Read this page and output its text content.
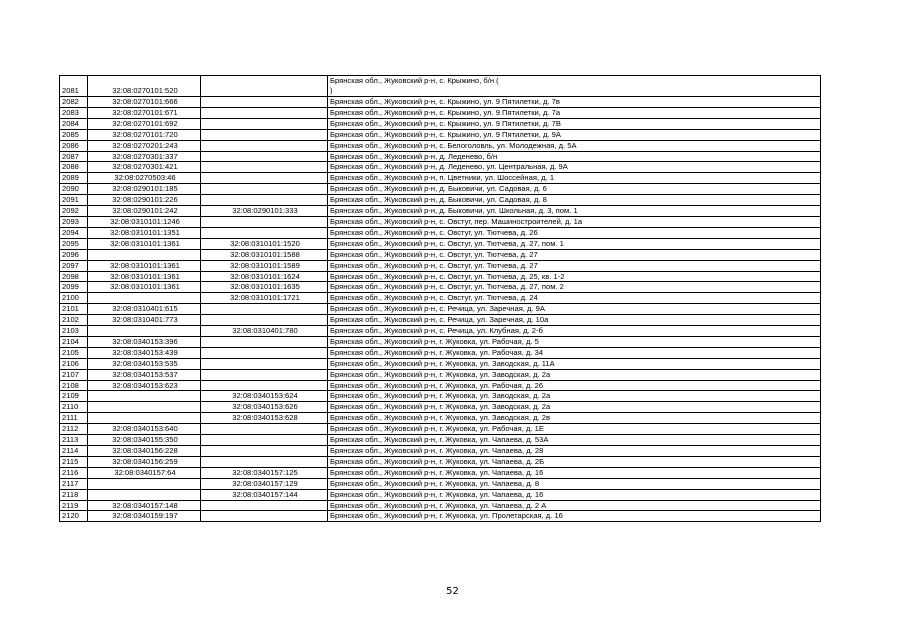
2081	32:08:0270101:520		Брянская обл., Жуковский р-н, с. Крыжино, б/н (
)
2082	32:08:0270101:666		Брянская обл., Жуковский р-н, с. Крыжино, ул. 9 Пятилетки, д. 7в
2083	32:08:0270101:671		Брянская обл., Жуковский р-н, с. Крыжино, ул. 9 Пятилетки, д. 7а
2084	32:08:0270101:692		Брянская обл., Жуковский р-н, с. Крыжино, ул. 9 Пятилетки, д. 7В
2085	32:08:0270101:720		Брянская обл., Жуковский р-н, с. Крыжино, ул. 9 Пятилетки, д. 9А
2086	32:08:0270201:243		Брянская обл., Жуковский р-н, с. Белоголовль, ул. Молодежная, д. 5А
2087	32:08:0270301:337		Брянская обл., Жуковский р-н, д. Леденево, б/н
2088	32:08:0270301:421		Брянская обл., Жуковский р-н, д. Леденево, ул. Центральная, д. 9А
2089	32:08:0270503:46		Брянская обл., Жуковский р-н, п. Цветники, ул. Шоссейная, д. 1
2090	32:08:0290101:185		Брянская обл., Жуковский р-н, д. Быковичи, ул. Садовая, д. 6
2091	32:08:0290101:226		Брянская обл., Жуковский р-н, д. Быковичи, ул. Садовая, д. 8
2092	32:08:0290101:242	32:08:0290101:333	Брянская обл., Жуковский р-н, д. Быковичи, ул. Школьная, д. 3, пом. 1
2093	32:08:0310101:1246		Брянская обл., Жуковский р-н, с. Овстуг, пер. Машиностроителей, д. 1а
2094	32:08:0310101:1351		Брянская обл., Жуковский р-н, с. Овстуг, ул. Тютчева, д. 26
2095	32:08:0310101:1361	32:08:0310101:1520	Брянская обл., Жуковский р-н, с. Овстуг, ул. Тютчева, д. 27, пом. 1
2096		32:08:0310101:1588	Брянская обл., Жуковский р-н, с. Овстуг, ул. Тютчева, д. 27
2097	32:08:0310101:1361	32:08:0310101:1589	Брянская обл., Жуковский р-н, с. Овстуг, ул. Тютчева, д. 27
2098	32:08:0310101:1361	32:08:0310101:1624	Брянская обл., Жуковский р-н, с. Овстуг, ул. Тютчева, д. 25, кв. 1-2
2099	32:08:0310101:1361	32:08:0310101:1635	Брянская обл., Жуковский р-н, с. Овстуг, ул. Тютчева, д. 27, пом. 2
2100		32:08:0310101:1721	Брянская обл., Жуковский р-н, с. Овстуг, ул. Тютчева, д. 24
2101	32:08:0310401:615		Брянская обл., Жуковский р-н, с. Речица, ул. Заречная, д. 9А
2102	32:08:0310401:773		Брянская обл., Жуковский р-н, с. Речица, ул. Заречная, д. 10а
2103		32:08:0310401:780	Брянская обл., Жуковский р-н, с. Речица, ул. Клубная, д. 2-б
2104	32:08:0340153:396		Брянская обл., Жуковский р-н, г. Жуковка, ул. Рабочая, д. 5
2105	32:08:0340153:439		Брянская обл., Жуковский р-н, г. Жуковка, ул. Рабочая, д. 34
2106	32:08:0340153:535		Брянская обл., Жуковский р-н, г. Жуковка, ул. Заводская, д. 11А
2107	32:08:0340153:537		Брянская обл., Жуковский р-н, г. Жуковка, ул. Заводская, д. 2а
2108	32:08:0340153:623		Брянская обл., Жуковский р-н, г. Жуковка, ул. Рабочая, д. 26
2109		32:08:0340153:624	Брянская обл., Жуковский р-н, г. Жуковка, ул. Заводская, д. 2а
2110		32:08:0340153:626	Брянская обл., Жуковский р-н, г. Жуковка, ул. Заводская, д. 2а
2111		32:08:0340153:628	Брянская обл., Жуковский р-н, г. Жуковка, ул. Заводская, д. 2в
2112	32:08:0340153:640		Брянская обл., Жуковский р-н, г. Жуковка, ул. Рабочая, д. 1Е
2113	32:08:0340155:350		Брянская обл., Жуковский р-н, г. Жуковка, ул. Чапаева, д. 53А
2114	32:08:0340156:228		Брянская обл., Жуковский р-н, г. Жуковка, ул. Чапаева, д. 28
2115	32:08:0340156:259		Брянская обл., Жуковский р-н, г. Жуковка, ул. Чапаева, д. 2Б
2116	32:08:0340157:64	32:08:0340157:125	Брянская обл., Жуковский р-н, г. Жуковка, ул. Чапаева, д. 16
2117		32:08:0340157:129	Брянская обл., Жуковский р-н, г. Жуковка, ул. Чапаева, д. 8
2118		32:08:0340157:144	Брянская обл., Жуковский р-н, г. Жуковка, ул. Чапаева, д. 16
2119	32:08:0340157:148		Брянская обл., Жуковский р-н, г. Жуковка, ул. Чапаева, д. 2 А
2120	32:08:0340159:197		Брянская обл., Жуковский р-н, г. Жуковка, ул. Пролетарская, д. 16
52
